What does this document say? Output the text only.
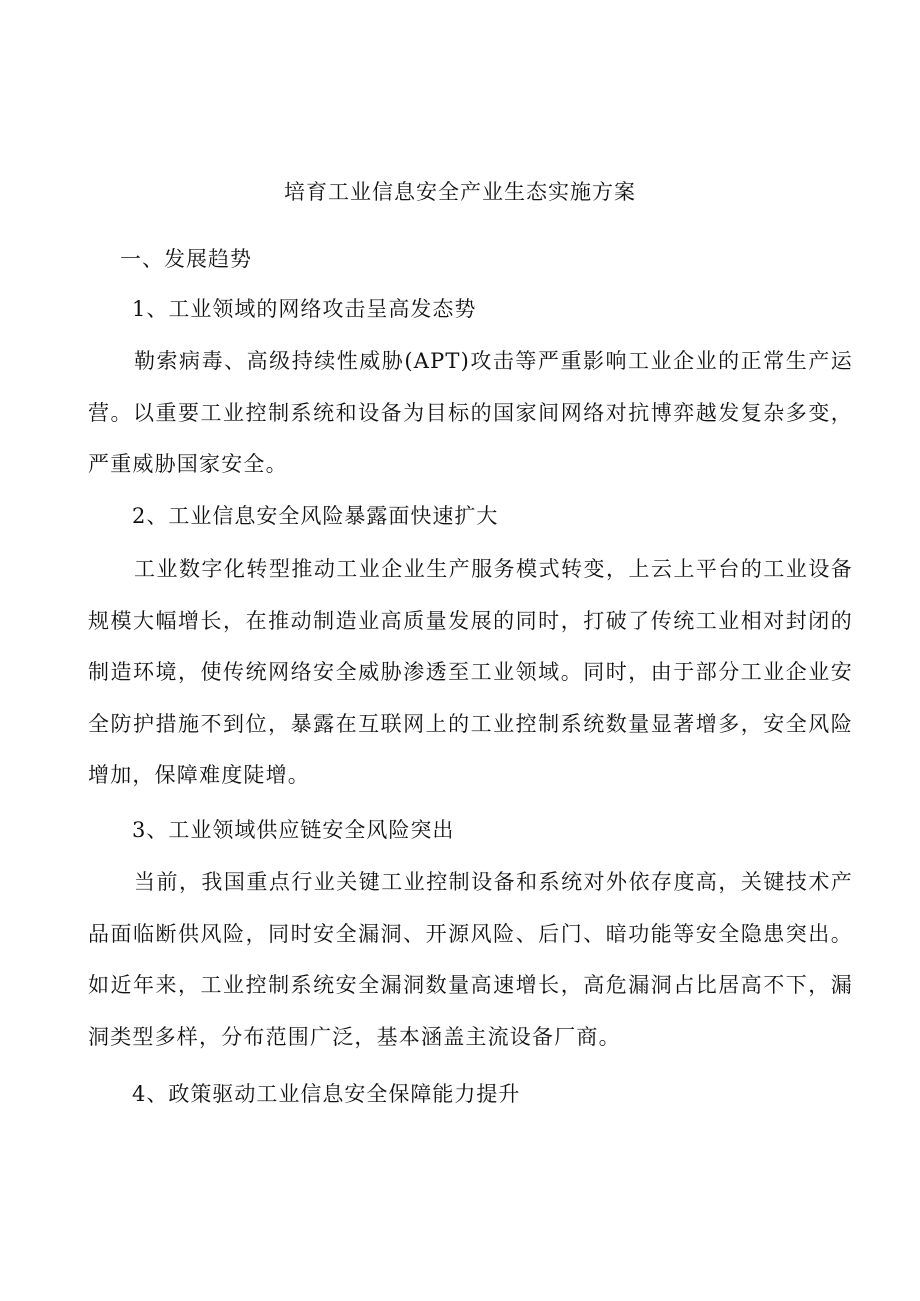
培育工业信息安全产业生态实施方案
一、发展趋势
1、工业领域的网络攻击呈高发态势
勒索病毒、高级持续性威胁(APT)攻击等严重影响工业企业的正常生产运营。以重要工业控制系统和设备为目标的国家间网络对抗博弈越发复杂多变，严重威胁国家安全。
2、工业信息安全风险暴露面快速扩大
工业数字化转型推动工业企业生产服务模式转变，上云上平台的工业设备规模大幅增长，在推动制造业高质量发展的同时，打破了传统工业相对封闭的制造环境，使传统网络安全威胁渗透至工业领域。同时，由于部分工业企业安全防护措施不到位，暴露在互联网上的工业控制系统数量显著增多，安全风险增加，保障难度陡增。
3、工业领域供应链安全风险突出
当前，我国重点行业关键工业控制设备和系统对外依存度高，关键技术产品面临断供风险，同时安全漏洞、开源风险、后门、暗功能等安全隐患突出。如近年来，工业控制系统安全漏洞数量高速增长，高危漏洞占比居高不下，漏洞类型多样，分布范围广泛，基本涵盖主流设备厂商。
4、政策驱动工业信息安全保障能力提升
